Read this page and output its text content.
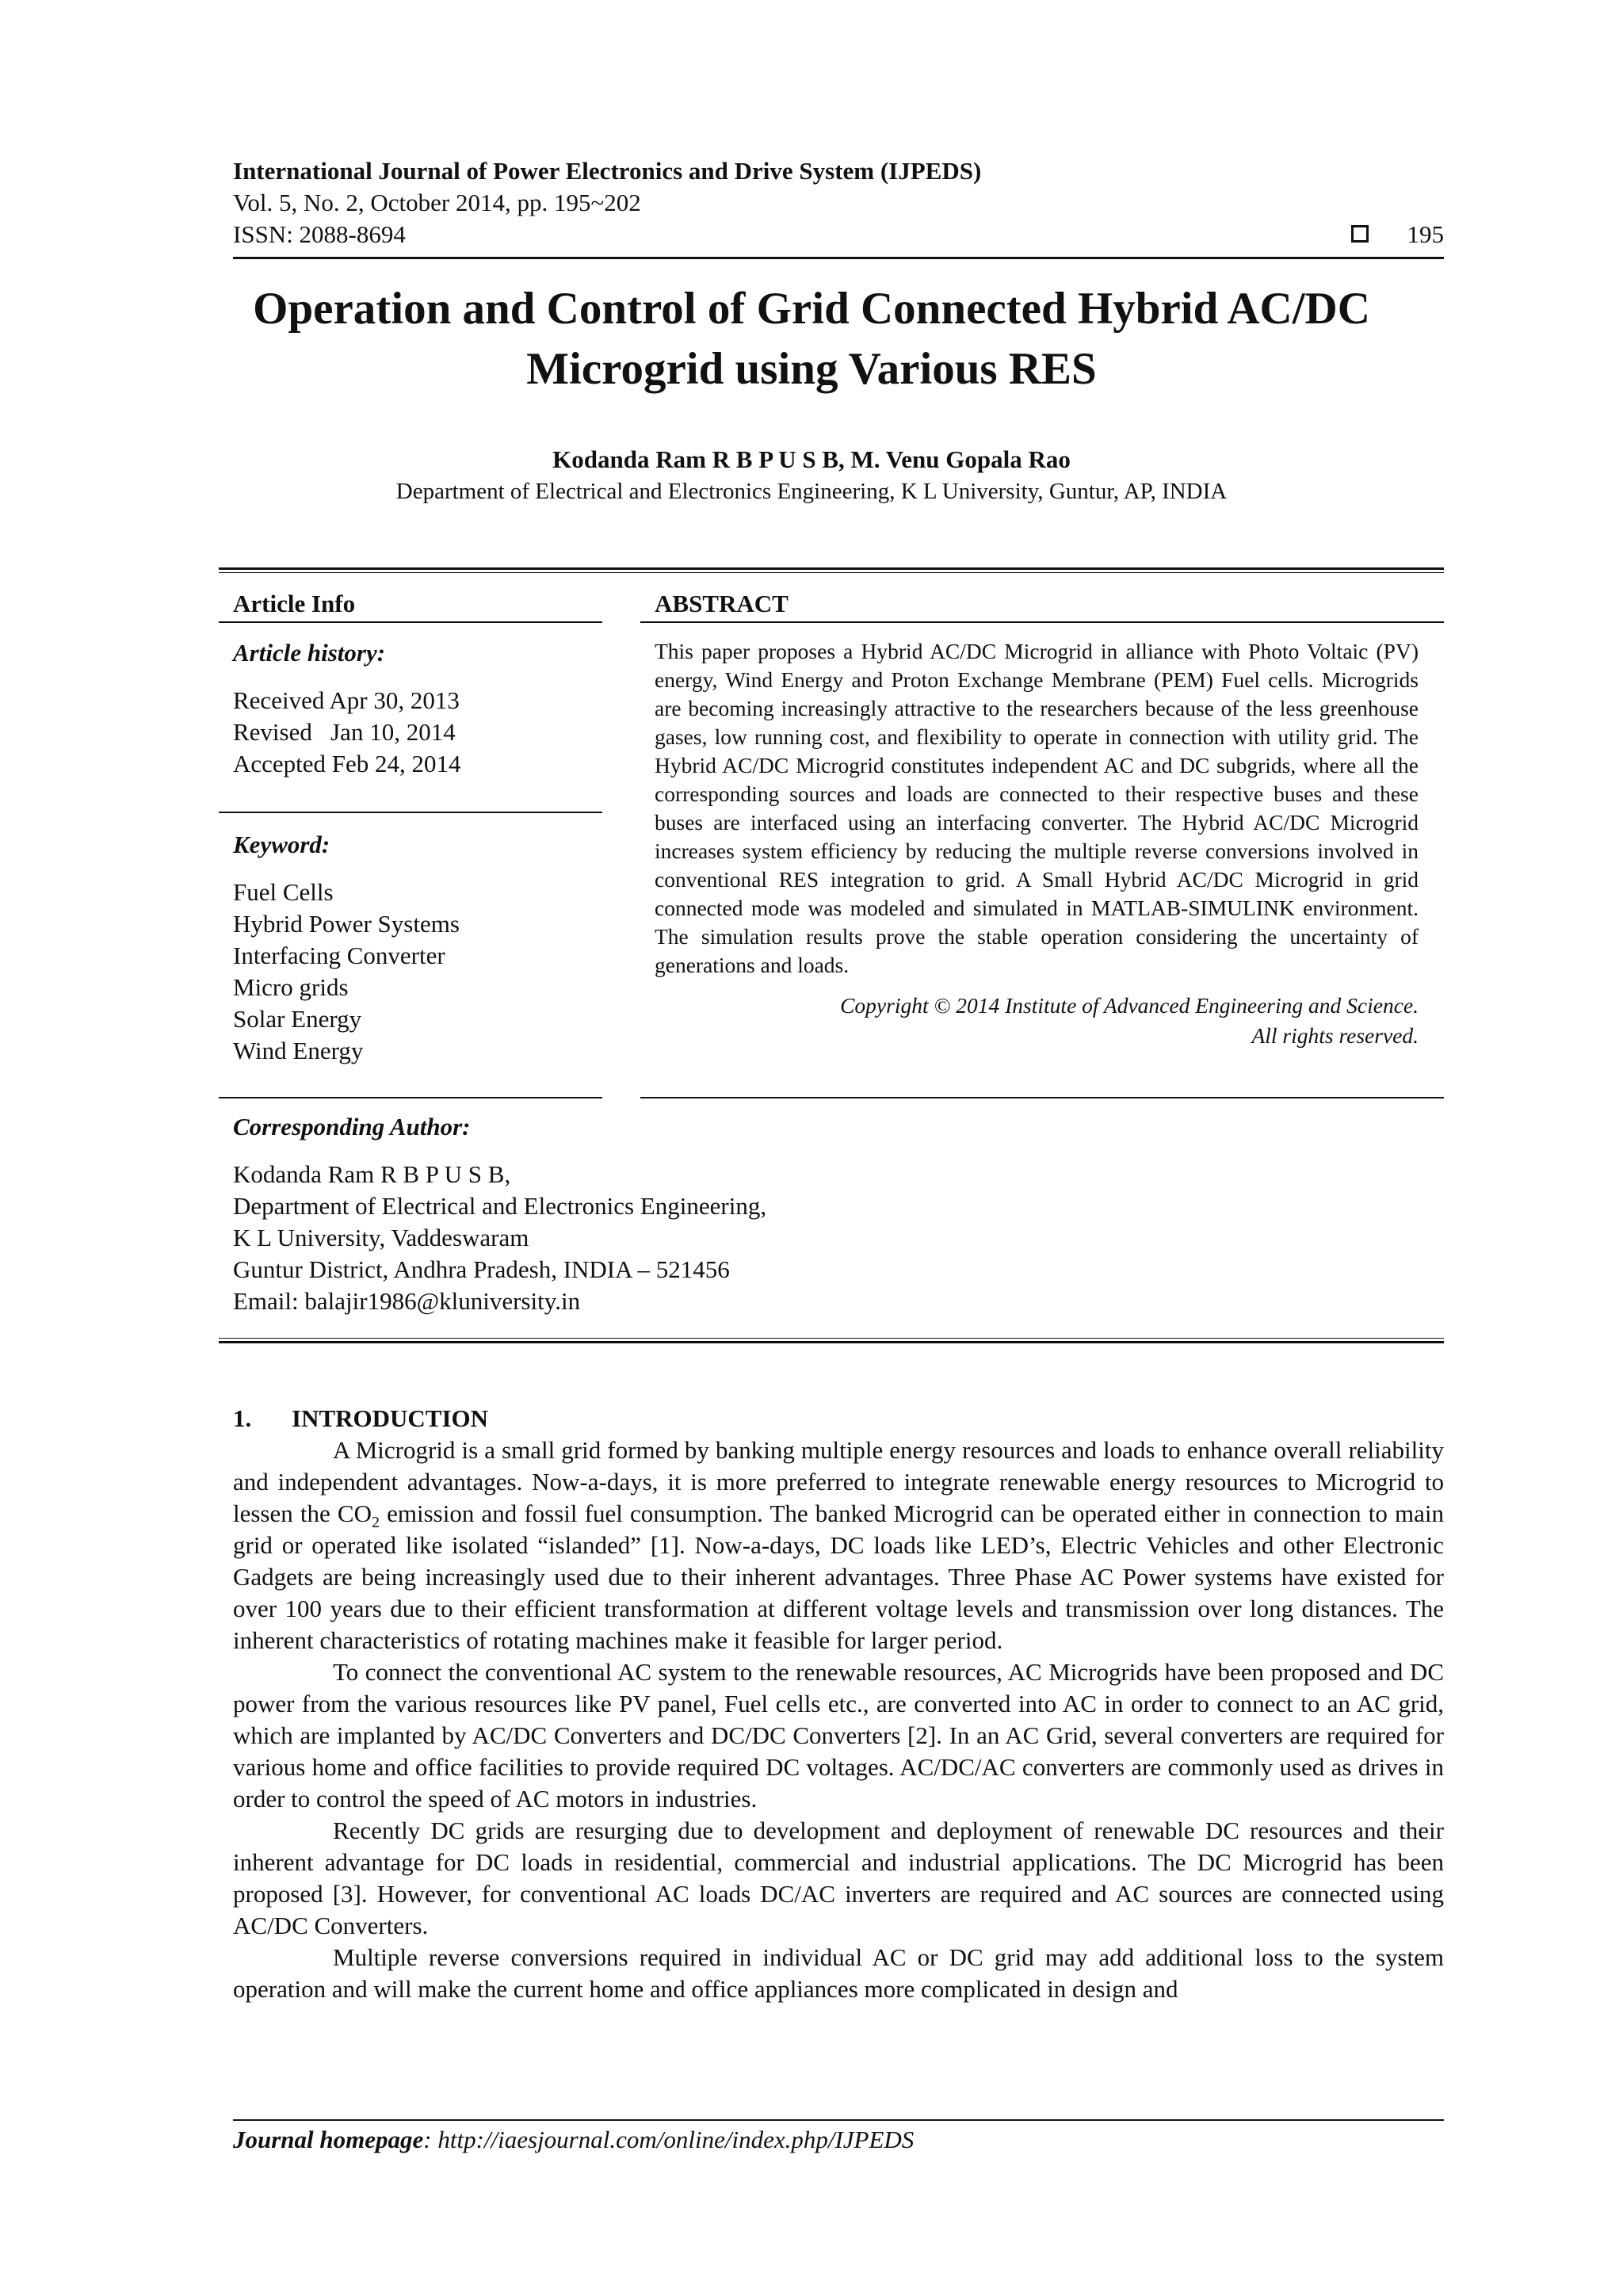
International Journal of Power Electronics and Drive System (IJPEDS)
Vol. 5, No. 2, October 2014, pp. 195~202
ISSN: 2088-8694	195
Operation and Control of Grid Connected Hybrid AC/DC
Microgrid using Various RES
Kodanda Ram R B P U S B, M. Venu Gopala Rao
Department of Electrical and Electronics Engineering, K L University, Guntur, AP, INDIA
Article Info
Article history:
Received Apr 30, 2013
Revised   Jan 10, 2014
Accepted Feb 24, 2014
Keyword:
Fuel Cells
Hybrid Power Systems
Interfacing Converter
Micro grids
Solar Energy
Wind Energy
ABSTRACT

This paper proposes a Hybrid AC/DC Microgrid in alliance with Photo Voltaic (PV) energy, Wind Energy and Proton Exchange Membrane (PEM) Fuel cells. Microgrids are becoming increasingly attractive to the researchers because of the less greenhouse gases, low running cost, and flexibility to operate in connection with utility grid. The Hybrid AC/DC Microgrid constitutes independent AC and DC subgrids, where all the corresponding sources and loads are connected to their respective buses and these buses are interfaced using an interfacing converter. The Hybrid AC/DC Microgrid increases system efficiency by reducing the multiple reverse conversions involved in conventional RES integration to grid. A Small Hybrid AC/DC Microgrid in grid connected mode was modeled and simulated in MATLAB-SIMULINK environment. The simulation results prove the stable operation considering the uncertainty of generations and loads.

Copyright © 2014 Institute of Advanced Engineering and Science.
All rights reserved.
Corresponding Author:
Kodanda Ram R B P U S B,
Department of Electrical and Electronics Engineering,
K L University, Vaddeswaram
Guntur District, Andhra Pradesh, INDIA – 521456
Email: balajir1986@kluniversity.in
1. INTRODUCTION

A Microgrid is a small grid formed by banking multiple energy resources and loads to enhance overall reliability and independent advantages. Now-a-days, it is more preferred to integrate renewable energy resources to Microgrid to lessen the $CO_2$ emission and fossil fuel consumption. The banked Microgrid can be operated either in connection to main grid or operated like isolated “islanded” [1]. Now-a-days, DC loads like LED’s, Electric Vehicles and other Electronic Gadgets are being increasingly used due to their inherent advantages. Three Phase AC Power systems have existed for over 100 years due to their efficient transformation at different voltage levels and transmission over long distances. The inherent characteristics of rotating machines make it feasible for larger period.

To connect the conventional AC system to the renewable resources, AC Microgrids have been proposed and DC power from the various resources like PV panel, Fuel cells etc., are converted into AC in order to connect to an AC grid, which are implanted by AC/DC Converters and DC/DC Converters [2]. In an AC Grid, several converters are required for various home and office facilities to provide required DC voltages. AC/DC/AC converters are commonly used as drives in order to control the speed of AC motors in industries.

Recently DC grids are resurging due to development and deployment of renewable DC resources and their inherent advantage for DC loads in residential, commercial and industrial applications. The DC Microgrid has been proposed [3]. However, for conventional AC loads DC/AC inverters are required and AC sources are connected using AC/DC Converters.

Multiple reverse conversions required in individual AC or DC grid may add additional loss to the system operation and will make the current home and office appliances more complicated in design and

Journal homepage: http://iaesjournal.com/online/index.php/IJPEDS
